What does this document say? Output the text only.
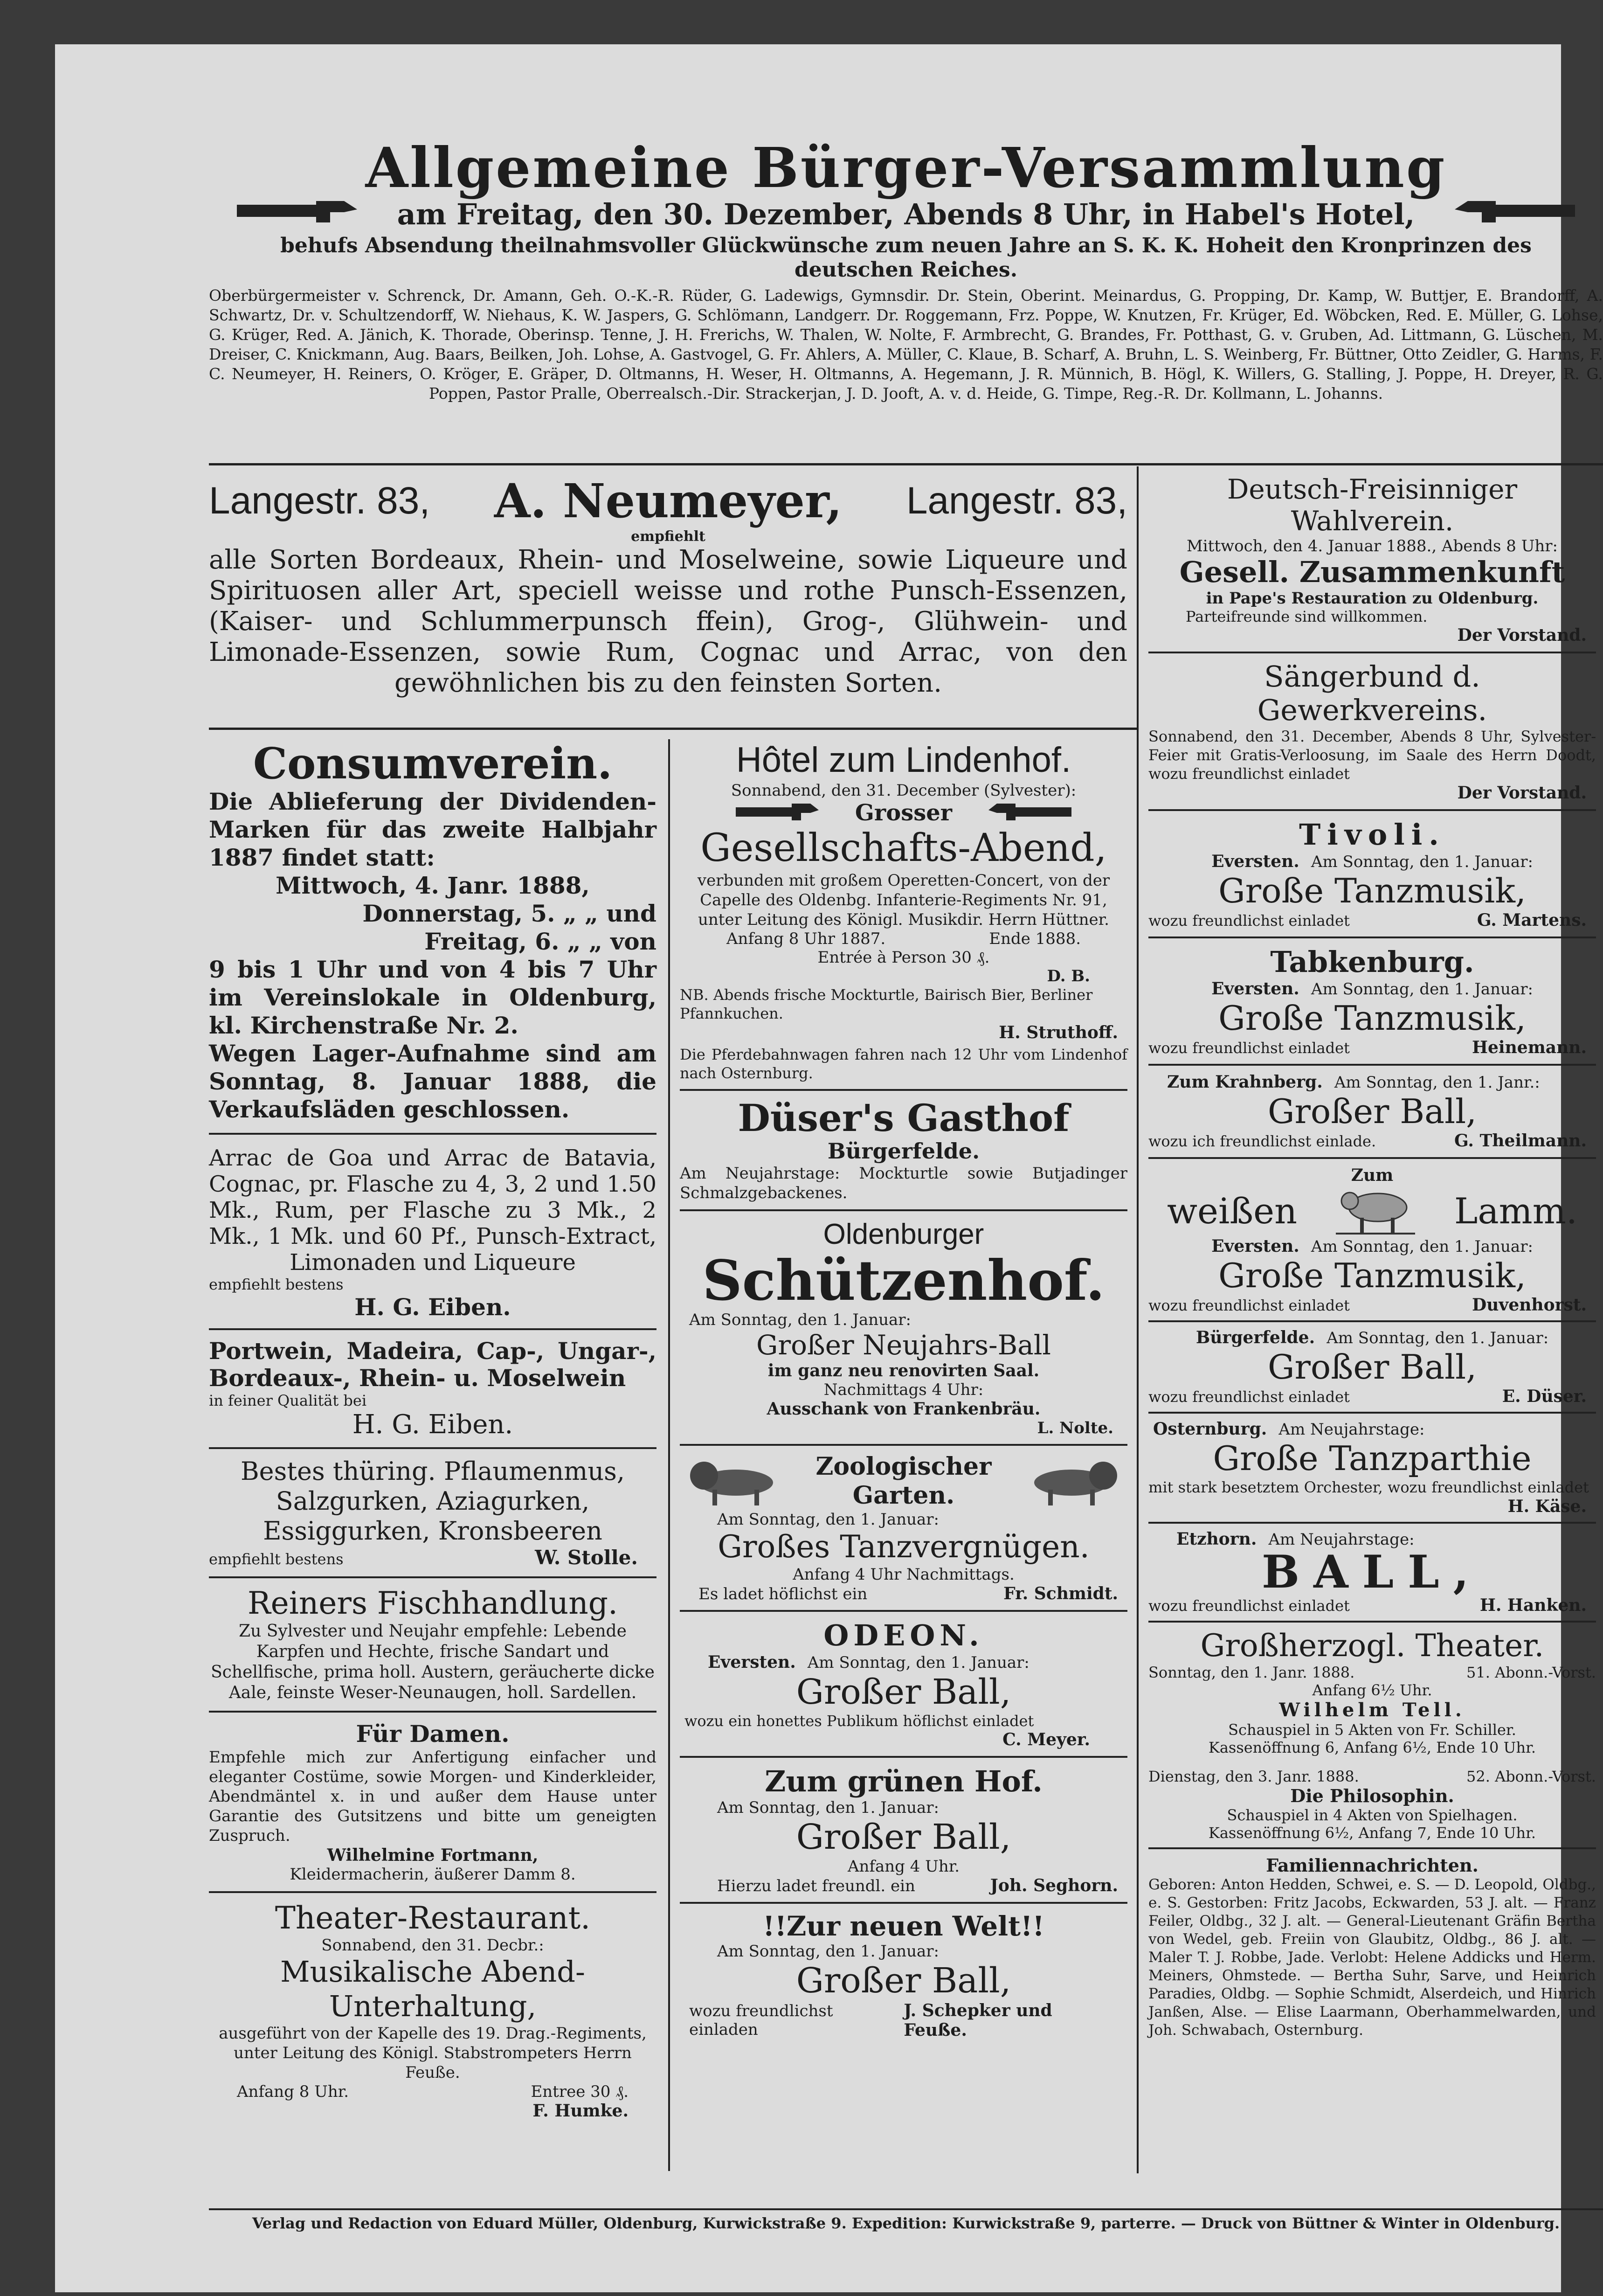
Allgemeine Bürger-Versammlung
am Freitag, den 30. Dezember, Abends 8 Uhr, in Habel's Hotel,
behufs Absendung theilnahmsvoller Glückwünsche zum neuen Jahre an S. K. K. Hoheit den Kronprinzen des deutschen Reiches.
Oberbürgermeister v. Schrenck, Dr. Amann, Geh. O.-K.-R. Rüder, G. Ladewigs, Gymnsdir. Dr. Stein, Oberint. Meinardus, G. Propping, Dr. Kamp, W. Buttjer, E. Brandorff, A. Schwartz, Dr. v. Schultzendorff, W. Niehaus, K. W. Jaspers, G. Schlömann, Landgerr. Dr. Roggemann, Frz. Poppe, W. Knutzen, Fr. Krüger, Ed. Wöbcken, Red. E. Müller, G. Lohse, G. Krüger, Red. A. Jänich, K. Thorade, Oberinsp. Tenne, J. H. Frerichs, W. Thalen, W. Nolte, F. Armbrecht, G. Brandes, Fr. Potthast, G. v. Gruben, Ad. Littmann, G. Lüschen, M. Dreiser, C. Knickmann, Aug. Baars, Beilken, Joh. Lohse, A. Gastvogel, G. Fr. Ahlers, A. Müller, C. Klaue, B. Scharf, A. Bruhn, L. S. Weinberg, Fr. Büttner, Otto Zeidler, G. Harms, F. C. Neumeyer, H. Reiners, O. Kröger, E. Gräper, D. Oltmanns, H. Weser, H. Oltmanns, A. Hegemann, J. R. Münnich, B. Högl, K. Willers, G. Stalling, J. Poppe, H. Dreyer, R. G. Poppen, Pastor Pralle, Oberrealsch.-Dir. Strackerjan, J. D. Jooft, A. v. d. Heide, G. Timpe, Reg.-R. Dr. Kollmann, L. Johanns.
Langestr. 83, A. Neumeyer, Langestr. 83,
empfiehlt
alle Sorten Bordeaux, Rhein- und Moselweine, sowie Liqueure und Spirituosen aller Art, speciell weisse und rothe Punsch-Essenzen, (Kaiser- und Schlummerpunsch ffein), Grog-, Glühwein- und Limonade-Essenzen, sowie Rum, Cognac und Arrac, von den gewöhnlichen bis zu den feinsten Sorten.
Consumverein.
Die Ablieferung der Dividenden-Marken für das zweite Halbjahr 1887 findet statt:
Mittwoch, 4. Janr. 1888,
Donnerstag, 5. „ „ und
Freitag, 6. „ „ von
9 bis 1 Uhr und von 4 bis 7 Uhr im Vereinslokale in Oldenburg, kl. Kirchenstraße Nr. 2.
Wegen Lager-Aufnahme sind am Sonntag, 8. Januar 1888, die Verkaufsläden geschlossen.
Arrac de Goa und Arrac de Batavia, Cognac, pr. Flasche zu 4, 3, 2 und 1.50 Mk., Rum, per Flasche zu 3 Mk., 2 Mk., 1 Mk. und 60 Pf., Punsch-Extract, Limonaden und Liqueure
empfiehlt bestens
H. G. Eiben.
Portwein, Madeira, Cap-, Ungar-, Bordeaux-, Rhein- u. Moselwein
in feiner Qualität bei
H. G. Eiben.
Bestes thüring. Pflaumenmus, Salzgurken, Aziagurken, Essiggurken, Kronsbeeren
empfiehlt bestens	W. Stolle.
Reiners Fischhandlung.
Zu Sylvester und Neujahr empfehle: Lebende Karpfen und Hechte, frische Sandart und Schellfische, prima holl. Austern, geräucherte dicke Aale, feinste Weser-Neunaugen, holl. Sardellen.
Für Damen.
Empfehle mich zur Anfertigung einfacher und eleganter Costüme, sowie Morgen- und Kinderkleider, Abendmäntel x. in und außer dem Hause unter Garantie des Gutsitzens und bitte um geneigten Zuspruch.
Wilhelmine Fortmann,
Kleidermacherin, äußerer Damm 8.
Theater-Restaurant.
Sonnabend, den 31. Decbr.:
Musikalische Abend-Unterhaltung,
ausgeführt von der Kapelle des 19. Drag.-Regiments, unter Leitung des Königl. Stabstrompeters Herrn Feuße.
Anfang 8 Uhr.	Entree 30 ₰.
F. Humke.
Hôtel zum Lindenhof.
Sonnabend, den 31. December (Sylvester):
Grosser
Gesellschafts-Abend,
verbunden mit großem Operetten-Concert, von der Capelle des Oldenbg. Infanterie-Regiments Nr. 91, unter Leitung des Königl. Musikdir. Herrn Hüttner.
Anfang 8 Uhr 1887.	Ende 1888.
Entrée à Person 30 ₰.
D. B.
NB. Abends frische Mockturtle, Bairisch Bier, Berliner Pfannkuchen.
H. Struthoff.
Die Pferdebahnwagen fahren nach 12 Uhr vom Lindenhof nach Osternburg.
Düser's Gasthof
Bürgerfelde.
Am Neujahrstage: Mockturtle sowie Butjadinger Schmalzgebackenes.
Oldenburger
Schützenhof.
Am Sonntag, den 1. Januar:
Großer Neujahrs-Ball
im ganz neu renovirten Saal.
Nachmittags 4 Uhr:
Ausschank von Frankenbräu.
L. Nolte.
Zoologischer
Garten.
Am Sonntag, den 1. Januar:
Großes Tanzvergnügen.
Anfang 4 Uhr Nachmittags.
Es ladet höflichst ein	Fr. Schmidt.
ODEON.
Eversten. Am Sonntag, den 1. Januar:
Großer Ball,
wozu ein honettes Publikum höflichst einladet
C. Meyer.
Zum grünen Hof.
Am Sonntag, den 1. Januar:
Großer Ball,
Anfang 4 Uhr.
Hierzu ladet freundl. ein	Joh. Seghorn.
!!Zur neuen Welt!!
Am Sonntag, den 1. Januar:
Großer Ball,
wozu freundlichst einladen
J. Schepker und Feuße.
Deutsch-Freisinniger Wahlverein.
Mittwoch, den 4. Januar 1888., Abends 8 Uhr:
Gesell. Zusammenkunft
in Pape's Restauration zu Oldenburg.
Parteifreunde sind willkommen.
Der Vorstand.
Sängerbund d. Gewerkvereins.
Sonnabend, den 31. December, Abends 8 Uhr, Sylvester-Feier mit Gratis-Verloosung, im Saale des Herrn Doodt, wozu freundlichst einladet
Der Vorstand.
Tivoli.
Eversten. Am Sonntag, den 1. Januar:
Große Tanzmusik,
wozu freundlichst einladet	G. Martens.
Tabkenburg.
Eversten. Am Sonntag, den 1. Januar:
Große Tanzmusik,
wozu freundlichst einladet	Heinemann.
Zum Krahnberg. Am Sonntag, den 1. Janr.:
Großer Ball,
wozu ich freundlichst einlade.	G. Theilmann.
Zum
weißen	Lamm.
Eversten. Am Sonntag, den 1. Januar:
Große Tanzmusik,
wozu freundlichst einladet	Duvenhorst.
Bürgerfelde. Am Sonntag, den 1. Januar:
Großer Ball,
wozu freundlichst einladet	E. Düser.
Osternburg. Am Neujahrstage:
Große Tanzparthie
mit stark besetztem Orchester, wozu freundlichst einladet
H. Käse.
Etzhorn. Am Neujahrstage:
BALL,
wozu freundlichst einladet	H. Hanken.
Großherzogl. Theater.
Sonntag, den 1. Janr. 1888.	51. Abonn.-Vorst.
Anfang 6½ Uhr.
Wilhelm Tell.
Schauspiel in 5 Akten von Fr. Schiller.
Kassenöffnung 6, Anfang 6½, Ende 10 Uhr.
Dienstag, den 3. Janr. 1888.	52. Abonn.-Vorst.
Die Philosophin.
Schauspiel in 4 Akten von Spielhagen.
Kassenöffnung 6½, Anfang 7, Ende 10 Uhr.
Familiennachrichten.
Geboren: Anton Hedden, Schwei, e. S. — D. Leopold, Oldbg., e. S. Gestorben: Fritz Jacobs, Eckwarden, 53 J. alt. — Franz Feiler, Oldbg., 32 J. alt. — General-Lieutenant Gräfin Bertha von Wedel, geb. Freiin von Glaubitz, Oldbg., 86 J. alt. — Maler T. J. Robbe, Jade. Verlobt: Helene Addicks und Herm. Meiners, Ohmstede. — Bertha Suhr, Sarve, und Heinrich Paradies, Oldbg. — Sophie Schmidt, Alserdeich, und Hinrich Janßen, Alse. — Elise Laarmann, Oberhammelwarden, und Joh. Schwabach, Osternburg.
Verlag und Redaction von Eduard Müller, Oldenburg, Kurwickstraße 9. Expedition: Kurwickstraße 9, parterre. — Druck von Büttner & Winter in Oldenburg.
